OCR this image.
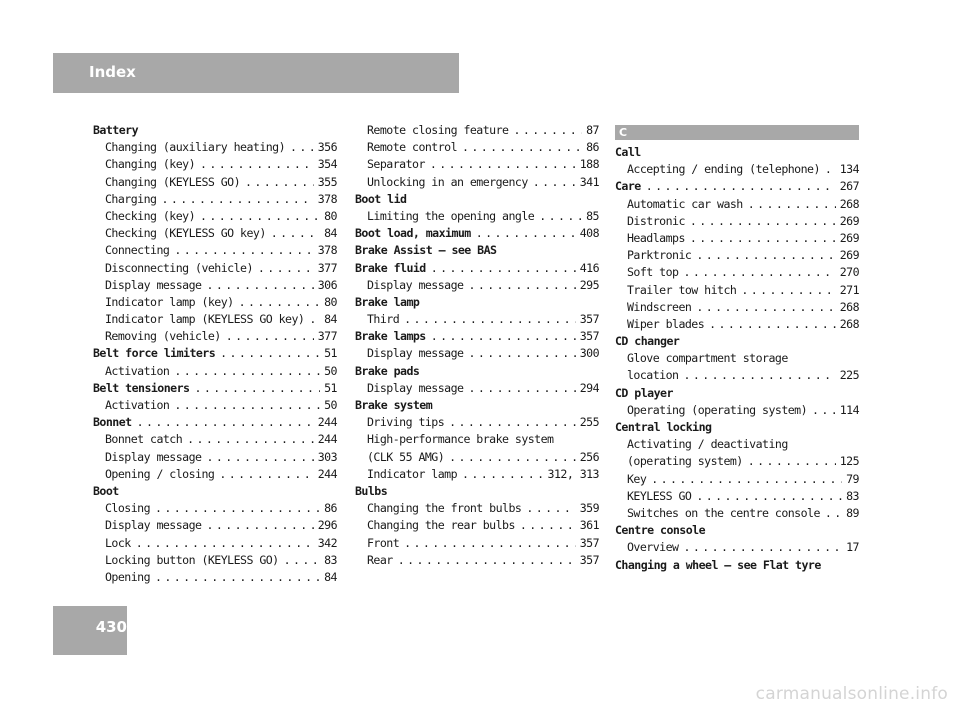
Index
Battery
Changing (auxiliary heating) .....	356
Changing (key) .....	354
Changing (KEYLESS GO) .....	355
Charging .....	378
Checking (key) .....	80
Checking (KEYLESS GO key) .....	84
Connecting .....	378
Disconnecting (vehicle) .....	377
Display message .....	306
Indicator lamp (key) .....	80
Indicator lamp (KEYLESS GO key) ..... 84
Removing (vehicle) .....	377
Belt force limiters .....	51
Activation .....	50
Belt tensioners .....	51
Activation .....	50
Bonnet .....	244
Bonnet catch .....	244
Display message .....	303
Opening / closing .....	244
Boot
Closing .....	86
Display message .....	296
Lock .....	342
Locking button (KEYLESS GO) .....	83
Opening .....	84
Remote closing feature .....	87
Remote control .....	86
Separator .....	188
Unlocking in an emergency .....	341
Boot lid
Limiting the opening angle .....	85
Boot load, maximum .....	408
Brake Assist – see BAS
Brake fluid .....	416
Display message .....	295
Brake lamp
Third .....	357
Brake lamps .....	357
Display message .....	300
Brake pads
Display message .....	294
Brake system
Driving tips .....	255
High-performance brake system
(CLK 55 AMG) .....	256
Indicator lamp .....	312, 313
Bulbs
Changing the front bulbs .....	359
Changing the rear bulbs .....	361
Front .....	357
Rear .....	357
C
Call
Accepting / ending (telephone) ..... 134
Care .....	267
Automatic car wash .....	268
Distronic .....	269
Headlamps .....	269
Parktronic .....	269
Soft top .....	270
Trailer tow hitch .....	271
Windscreen .....	268
Wiper blades .....	268
CD changer
Glove compartment storage
location .....	225
CD player
Operating (operating system) .....	114
Central locking
Activating / deactivating
(operating system) .....	125
Key .....	79
KEYLESS GO .....	83
Switches on the centre console ..... 89
Centre console
Overview .....	17
Changing a wheel – see Flat tyre
430
carmanualsonline.info
